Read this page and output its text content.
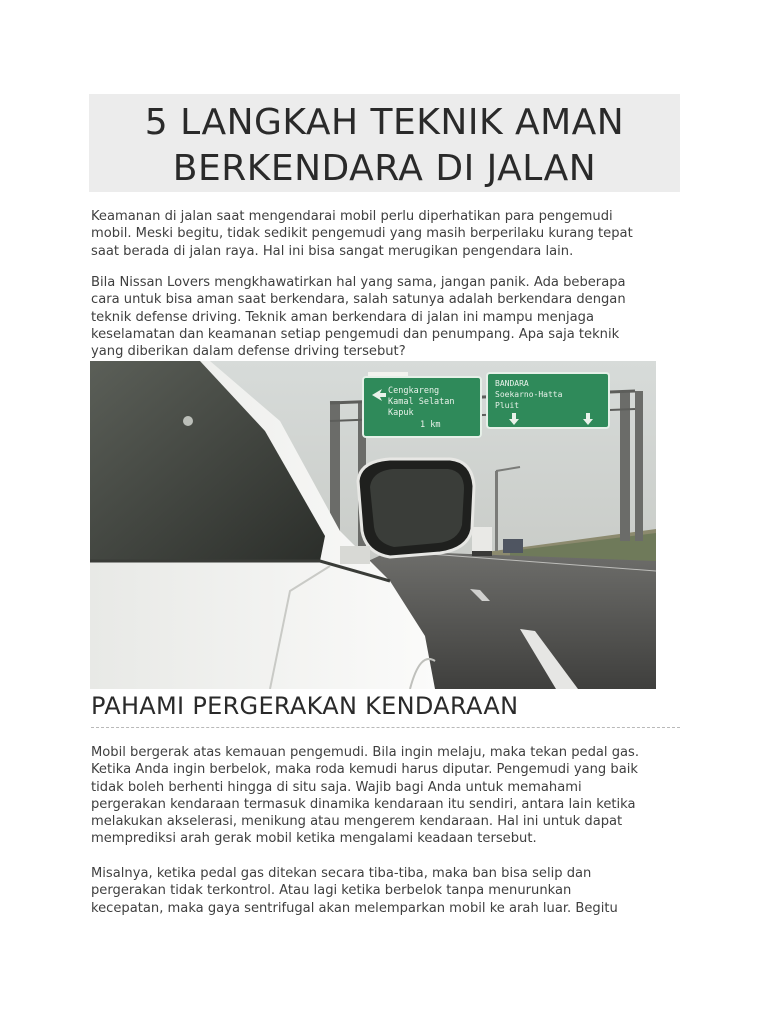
5 LANGKAH TEKNIK AMAN
BERKENDARA DI JALAN
Keamanan di jalan saat mengendarai mobil perlu diperhatikan para pengemudi
mobil. Meski begitu, tidak sedikit pengemudi yang masih berperilaku kurang tepat
saat berada di jalan raya. Hal ini bisa sangat merugikan pengendara lain.
Bila Nissan Lovers mengkhawatirkan hal yang sama, jangan panik. Ada beberapa
cara untuk bisa aman saat berkendara, salah satunya adalah berkendara dengan
teknik defense driving. Teknik aman berkendara di jalan ini mampu menjaga
keselamatan dan keamanan setiap pengemudi dan penumpang. Apa saja teknik
yang diberikan dalam defense driving tersebut?
Cengkareng
Kamal Selatan
Kapuk
1 km
BANDARA
Soekarno-Hatta
Pluit
PAHAMI PERGERAKAN KENDARAAN
Mobil bergerak atas kemauan pengemudi. Bila ingin melaju, maka tekan pedal gas.
Ketika Anda ingin berbelok, maka roda kemudi harus diputar. Pengemudi yang baik
tidak boleh berhenti hingga di situ saja. Wajib bagi Anda untuk memahami
pergerakan kendaraan termasuk dinamika kendaraan itu sendiri, antara lain ketika
melakukan akselerasi, menikung atau mengerem kendaraan. Hal ini untuk dapat
memprediksi arah gerak mobil ketika mengalami keadaan tersebut.
Misalnya, ketika pedal gas ditekan secara tiba-tiba, maka ban bisa selip dan
pergerakan tidak terkontrol. Atau lagi ketika berbelok tanpa menurunkan
kecepatan, maka gaya sentrifugal akan melemparkan mobil ke arah luar. Begitu
